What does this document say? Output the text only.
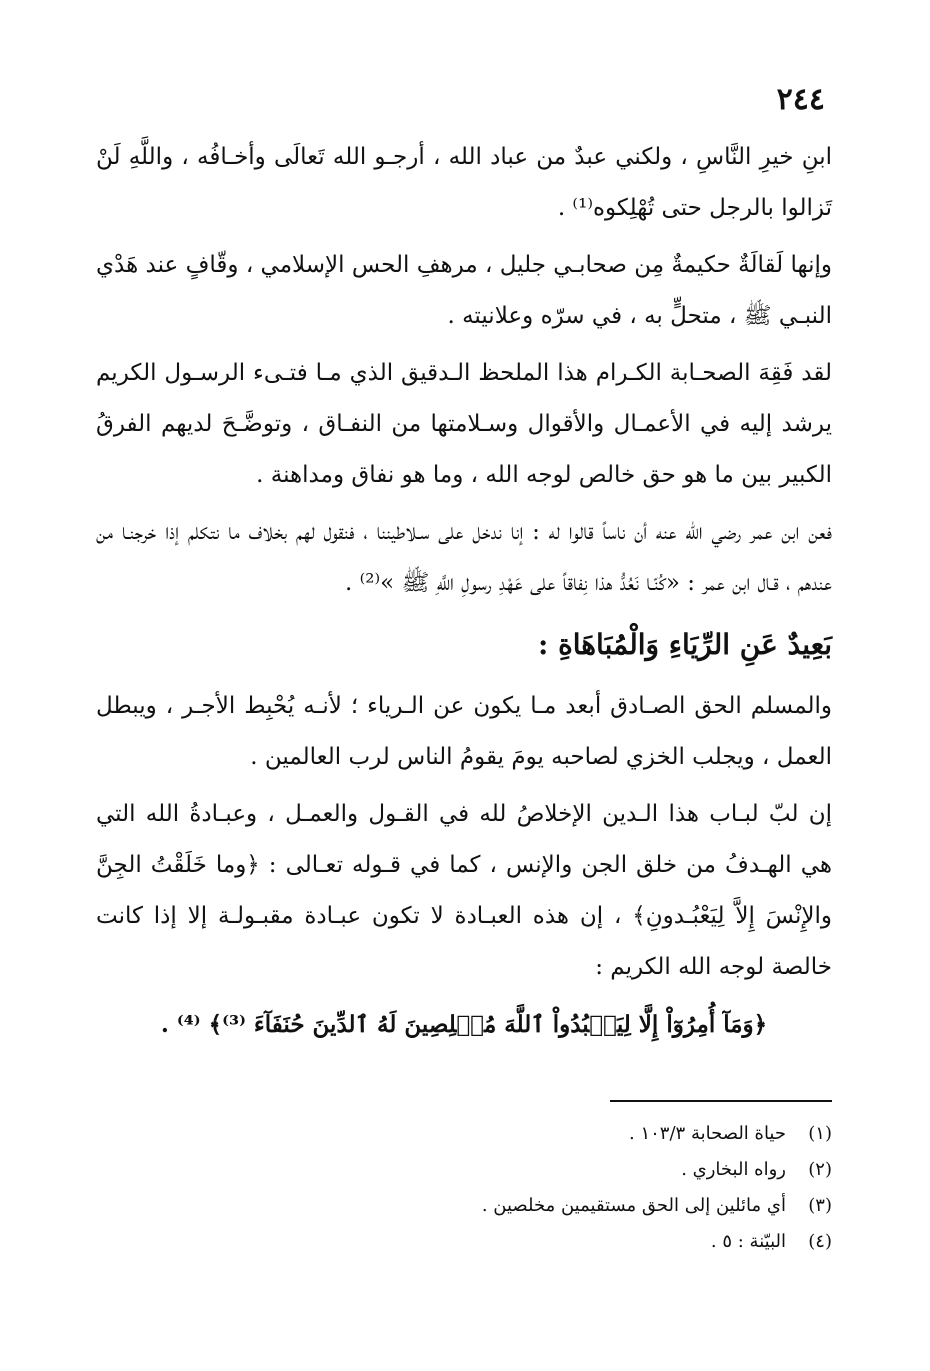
٢٤٤

ابنِ خيرِ النَّاسِ ، ولكني عبدٌ من عباد الله ، أرجـو الله تَعالَى وأخـافُه ، واللَّهِ لَنْ تَزالوا بالرجل حتى تُهْلِكوه⁽¹⁾ .

وإنها لَقالَةٌ حكيمةٌ مِن صحابـي جليل ، مرهفِ الحس الإسلامي ، وقّافٍ عند هَدْي النبـي ﷺ ، متحلٍّ به ، في سرّه وعلانيته .

لقد فَقِهَ الصحـابة الكـرام هذا الملحظ الـدقيق الذي مـا فتـىء الرسـول الكريم يرشد إليه في الأعمـال والأقوال وسـلامتها من النفـاق ، وتوضَّـحَ لديهم الفرقُ الكبير بين ما هو حق خالص لوجه الله ، وما هو نفاق ومداهنة .

فعن ابن عمر رضي الله عنه أن ناساً قالوا له : إنا ندخل على سـلاطيننا ، فنقول لهم بخلاف ما نتكلم إذا خرجنـا من عندهم ، قـال ابن عمر : «كُنّـا نَعُدُّ هذا نِفاقاً على عَهْدِ رسولِ اللَّهِ ﷺ »⁽²⁾ .

بَعِيدٌ عَنِ الرِّيَاءِ وَالْمُبَاهَاةِ :

والمسلم الحق الصـادق أبعد مـا يكون عن الـرياء ؛ لأنـه يُحْبِط الأجـر ، ويبطل العمل ، ويجلب الخزي لصاحبه يومَ يقومُ الناس لرب العالمين .

إن لبّ لبـاب هذا الـدين الإخلاصُ لله في القـول والعمـل ، وعبـادةُ الله التي هي الهـدفُ من خلق الجن والإنس ، كما في قـوله تعـالى : ﴿وما خَلَقْتُ الجِنَّ والإِنْسَ إِلاَّ لِيَعْبُـدونِ﴾ ، إن هذه العبـادة لا تكون عبـادة مقبـولـة إلا إذا كانت خالصة لوجه الله الكريم :

﴿وَمَآ أُمِرُوٓاْ إِلَّا لِيَعۡبُدُواْ ٱللَّهَ مُخۡلِصِينَ لَهُ ٱلدِّينَ حُنَفَآءَ ⁽³⁾﴾ ⁽⁴⁾ .

(١)حياة الصحابة ١٠٣/٣ .

(٢)رواه البخاري .

(٣)أي مائلين إلى الحق مستقيمين مخلصين .

(٤)البيّنة : ٥ .
